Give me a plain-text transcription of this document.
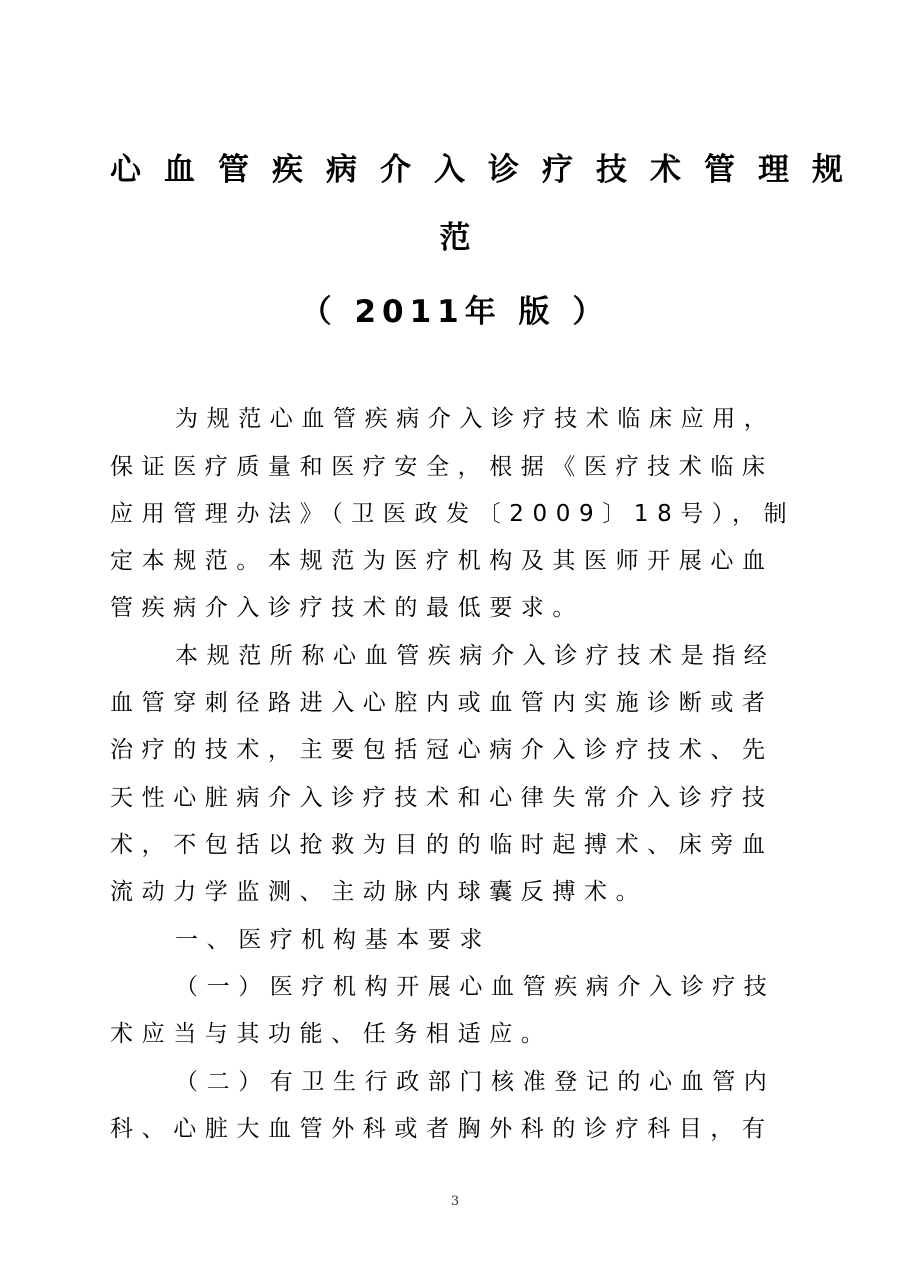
心血管疾病介入诊疗技术管理规
范
（ 2011年 版 ）
为规范心血管疾病介入诊疗技术临床应用，
保证医疗质量和医疗安全，根据《医疗技术临床
应用管理办法》（卫医政发〔2009〕18号），制
定本规范。本规范为医疗机构及其医师开展心血
管疾病介入诊疗技术的最低要求。
本规范所称心血管疾病介入诊疗技术是指经
血管穿刺径路进入心腔内或血管内实施诊断或者
治疗的技术，主要包括冠心病介入诊疗技术、先
天性心脏病介入诊疗技术和心律失常介入诊疗技
术，不包括以抢救为目的的临时起搏术、床旁血
流动力学监测、主动脉内球囊反搏术。
一、医疗机构基本要求
（一）医疗机构开展心血管疾病介入诊疗技
术应当与其功能、任务相适应。
（二）有卫生行政部门核准登记的心血管内
科、心脏大血管外科或者胸外科的诊疗科目，有
3
